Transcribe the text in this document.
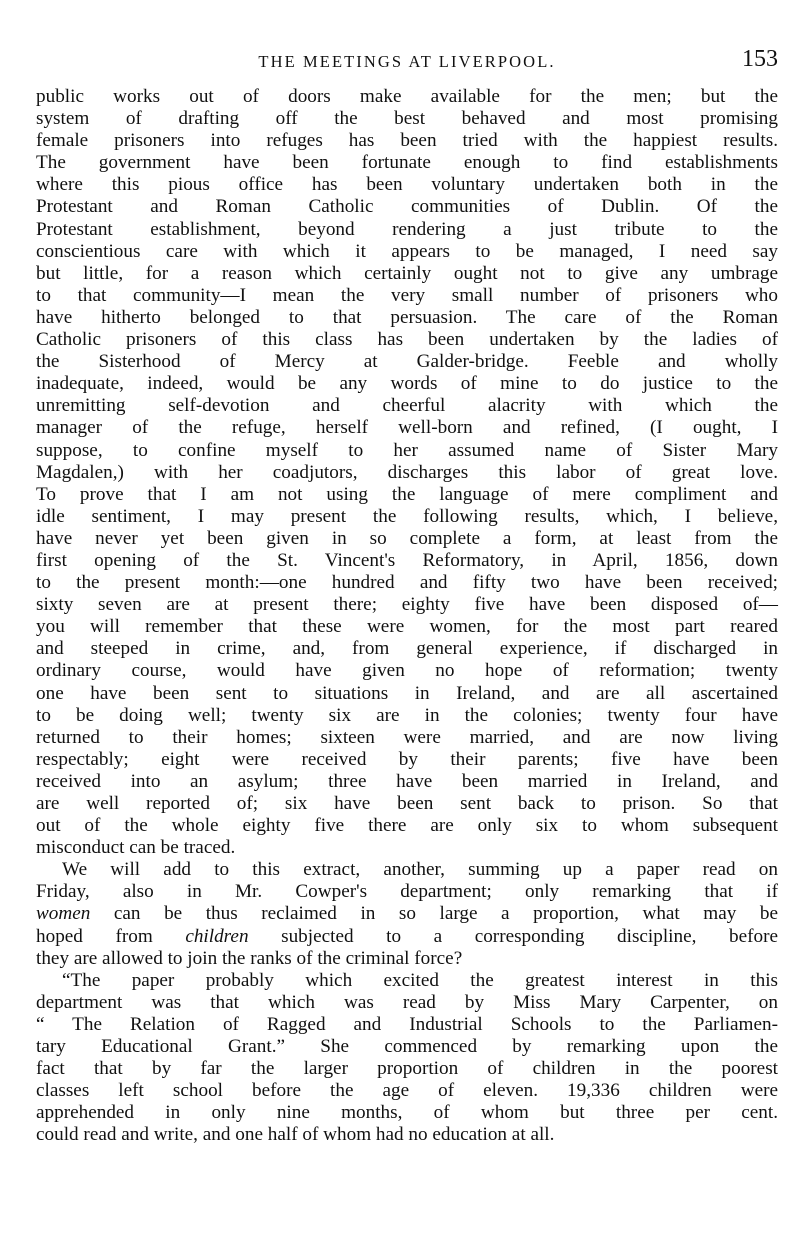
THE MEETINGS AT LIVERPOOL.	153
public works out of doors make available for the men; but the
system of drafting off the best behaved and most promising
female prisoners into refuges has been tried with the happiest results.
The government have been fortunate enough to find establishments
where this pious office has been voluntary undertaken both in the
Protestant and Roman Catholic communities of Dublin. Of the
Protestant establishment, beyond rendering a just tribute to the
conscientious care with which it appears to be managed, I need say
but little, for a reason which certainly ought not to give any umbrage
to that community—I mean the very small number of prisoners who
have hitherto belonged to that persuasion. The care of the Roman
Catholic prisoners of this class has been undertaken by the ladies of
the Sisterhood of Mercy at Galder-bridge. Feeble and wholly
inadequate, indeed, would be any words of mine to do justice to the
unremitting self-devotion and cheerful alacrity with which the
manager of the refuge, herself well-born and refined, (I ought, I
suppose, to confine myself to her assumed name of Sister Mary
Magdalen,) with her coadjutors, discharges this labor of great love.
To prove that I am not using the language of mere compliment and
idle sentiment, I may present the following results, which, I believe,
have never yet been given in so complete a form, at least from the
first opening of the St. Vincent's Reformatory, in April, 1856, down
to the present month:—one hundred and fifty two have been received;
sixty seven are at present there; eighty five have been disposed of—
you will remember that these were women, for the most part reared
and steeped in crime, and, from general experience, if discharged in
ordinary course, would have given no hope of reformation; twenty
one have been sent to situations in Ireland, and are all ascertained
to be doing well; twenty six are in the colonies; twenty four have
returned to their homes; sixteen were married, and are now living
respectably; eight were received by their parents; five have been
received into an asylum; three have been married in Ireland, and
are well reported of; six have been sent back to prison. So that
out of the whole eighty five there are only six to whom subsequent
misconduct can be traced.
We will add to this extract, another, summing up a paper read on
Friday, also in Mr. Cowper's department; only remarking that if
women can be thus reclaimed in so large a proportion, what may be
hoped from children subjected to a corresponding discipline, before
they are allowed to join the ranks of the criminal force?
“The paper probably which excited the greatest interest in this
department was that which was read by Miss Mary Carpenter, on
“ The Relation of Ragged and Industrial Schools to the Parliamen-
tary Educational Grant.” She commenced by remarking upon the
fact that by far the larger proportion of children in the poorest
classes left school before the age of eleven. 19,336 children were
apprehended in only nine months, of whom but three per cent.
could read and write, and one half of whom had no education at all.
